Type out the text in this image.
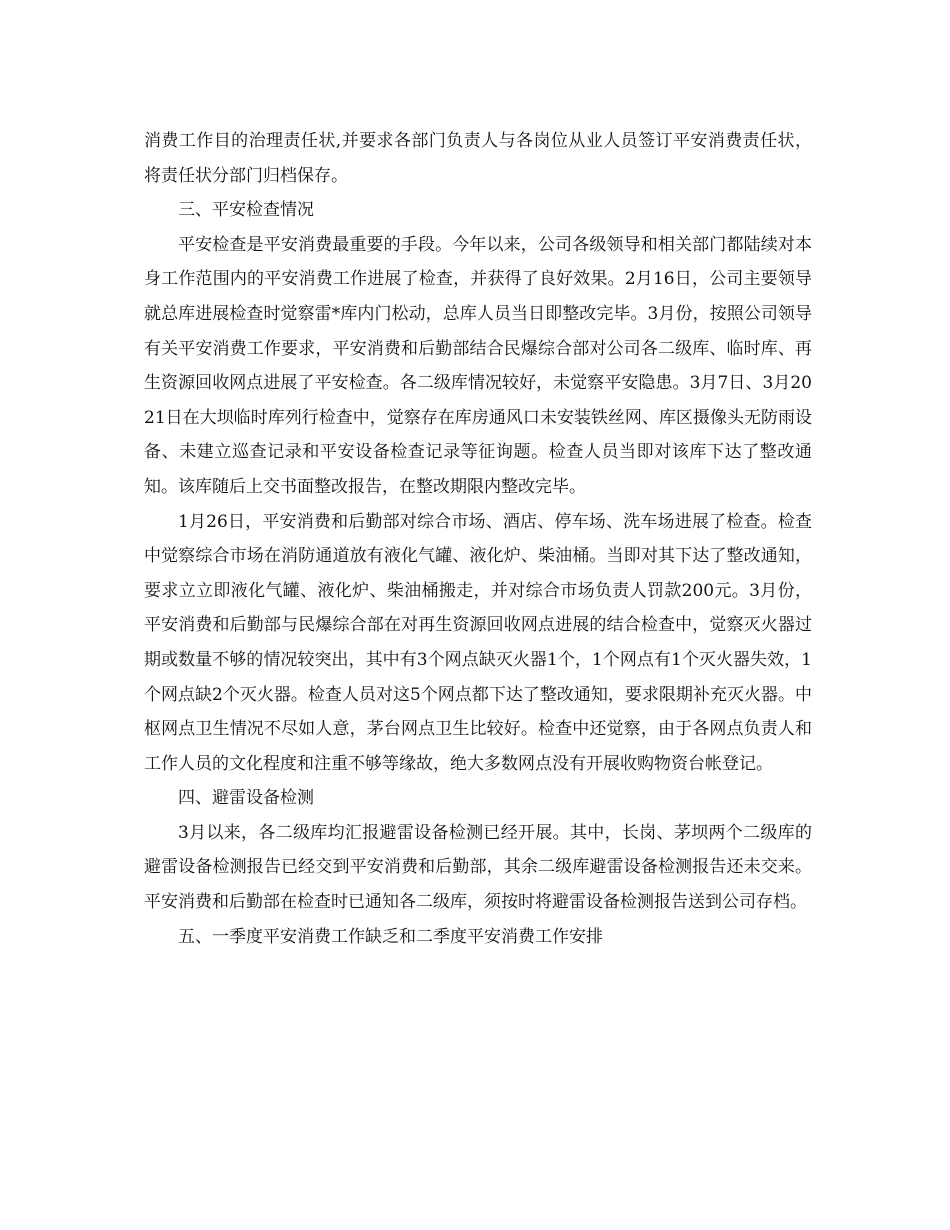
消费工作目的治理责任状,并要求各部门负责人与各岗位从业人员签订平安消费责任状，将责任状分部门归档保存。

三、平安检查情况

平安检查是平安消费最重要的手段。今年以来，公司各级领导和相关部门都陆续对本身工作范围内的平安消费工作进展了检查，并获得了良好效果。2月16日，公司主要领导就总库进展检查时觉察雷*库内门松动，总库人员当日即整改完毕。3月份，按照公司领导有关平安消费工作要求，平安消费和后勤部结合民爆综合部对公司各二级库、临时库、再生资源回收网点进展了平安检查。各二级库情况较好，未觉察平安隐患。3月7日、3月2021日在大坝临时库列行检查中，觉察存在库房通风口未安装铁丝网、库区摄像头无防雨设备、未建立巡查记录和平安设备检查记录等征询题。检查人员当即对该库下达了整改通知。该库随后上交书面整改报告，在整改期限内整改完毕。

1月26日，平安消费和后勤部对综合市场、酒店、停车场、洗车场进展了检查。检查中觉察综合市场在消防通道放有液化气罐、液化炉、柴油桶。当即对其下达了整改通知，要求立立即液化气罐、液化炉、柴油桶搬走，并对综合市场负责人罚款200元。3月份，平安消费和后勤部与民爆综合部在对再生资源回收网点进展的结合检查中，觉察灭火器过期或数量不够的情况较突出，其中有3个网点缺灭火器1个，1个网点有1个灭火器失效，1个网点缺2个灭火器。检查人员对这5个网点都下达了整改通知，要求限期补充灭火器。中枢网点卫生情况不尽如人意，茅台网点卫生比较好。检查中还觉察，由于各网点负责人和工作人员的文化程度和注重不够等缘故，绝大多数网点没有开展收购物资台帐登记。

四、避雷设备检测

3月以来，各二级库均汇报避雷设备检测已经开展。其中，长岗、茅坝两个二级库的避雷设备检测报告已经交到平安消费和后勤部，其余二级库避雷设备检测报告还未交来。平安消费和后勤部在检查时已通知各二级库，须按时将避雷设备检测报告送到公司存档。

五、一季度平安消费工作缺乏和二季度平安消费工作安排
